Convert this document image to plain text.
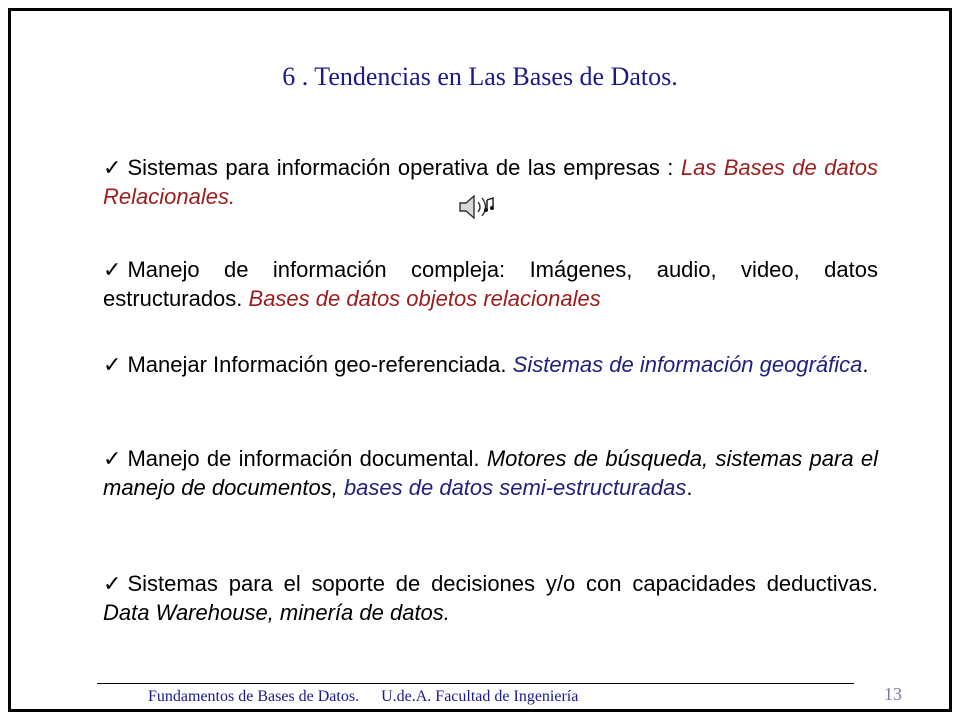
6 . Tendencias en Las Bases de Datos.
✓ Sistemas para información operativa de las empresas : Las Bases de datos Relacionales.
✓ Manejo de información compleja: Imágenes, audio, video, datos estructurados. Bases de datos objetos relacionales
✓ Manejar Información geo-referenciada. Sistemas de información geográfica.
✓ Manejo de información documental. Motores de búsqueda, sistemas para el manejo de documentos, bases de datos semi-estructuradas.
✓ Sistemas para el soporte de decisiones y/o con capacidades deductivas. Data Warehouse, minería de datos.
Fundamentos de Bases de Datos. U.de.A. Facultad de Ingeniería	13
